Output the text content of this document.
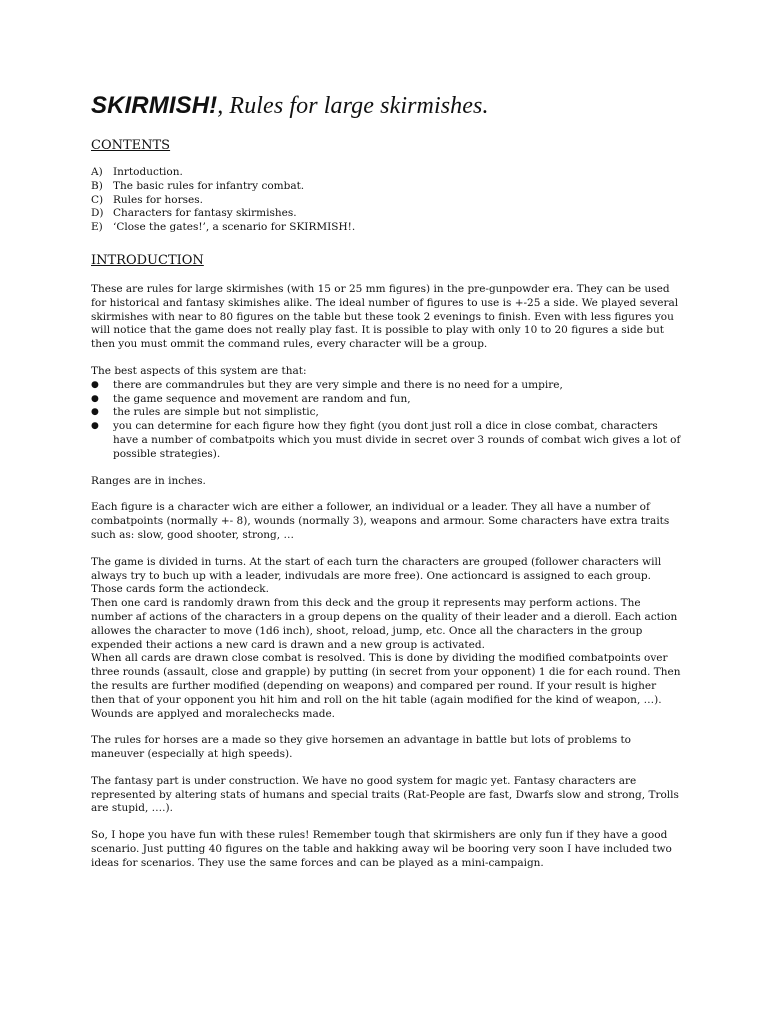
SKIRMISH!, Rules for large skirmishes.
CONTENTS
A) Inrtoduction.
B) The basic rules for infantry combat.
C) Rules for horses.
D) Characters for fantasy skirmishes.
E) ‘Close the gates!’, a scenario for SKIRMISH!.
INTRODUCTION

These are rules for large skirmishes (with 15 or 25 mm figures) in the pre-gunpowder era. They can be used for historical and fantasy skimishes alike. The ideal number of figures to use is +-25 a side. We played several skirmishes with near to 80 figures on the table but these took 2 evenings to finish. Even with less figures you will notice that the game does not really play fast. It is possible to play with only 10 to 20 figures a side but then you must ommit the command rules, every character will be a group.

The best aspects of this system are that:

●	there are commandrules but they are very simple and there is no need for a umpire,
●	the game sequence and movement are random and fun,
●	the rules are simple but not simplistic,
●	you can determine for each figure how they fight (you dont just roll a dice in close combat, characters have a number of combatpoits which you must divide in secret over 3 rounds of combat wich gives a lot of possible strategies).

Ranges are in inches.

Each figure is a character wich are either a follower, an individual or a leader. They all have a number of combatpoints (normally +- 8), wounds (normally 3), weapons and armour. Some characters have extra traits such as: slow, good shooter, strong, …

The game is divided in turns. At the start of each turn the characters are grouped (follower characters will always try to buch up with a leader, indivudals are more free). One actioncard is assigned to each group. Those cards form the actiondeck.

Then one card is randomly drawn from this deck and the group it represents may perform actions. The number af actions of the characters in a group depens on the quality of their leader and a dieroll. Each action allowes the character to move (1d6 inch), shoot, reload, jump, etc. Once all the characters in the group expended their actions a new card is drawn and a new group is activated.

When all cards are drawn close combat is resolved. This is done by dividing the modified combatpoints over three rounds (assault, close and grapple) by putting (in secret from your opponent) 1 die for each round. Then the results are further modified (depending on weapons) and compared per round. If your result is higher then that of your opponent you hit him and roll on the hit table (again modified for the kind of weapon, …). Wounds are applyed and moralechecks made.

The rules for horses are a made so they give horsemen an advantage in battle but lots of problems to maneuver (especially at high speeds).

The fantasy part is under construction. We have no good system for magic yet. Fantasy characters are represented by altering stats of humans and special traits (Rat-People are fast, Dwarfs slow and strong, Trolls are stupid, ….).

So, I hope you have fun with these rules! Remember tough that skirmishers are only fun if they have a good scenario. Just putting 40 figures on the table and hakking away wil be booring very soon I have included two ideas for scenarios. They use the same forces and can be played as a mini-campaign.
